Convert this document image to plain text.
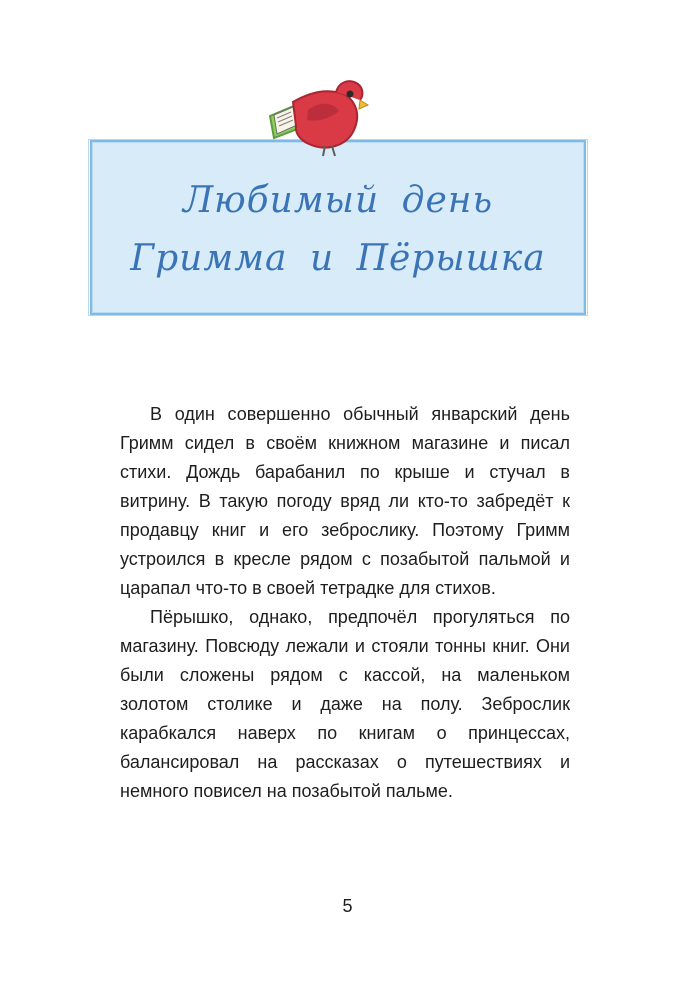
Любимый день
Гримма и Пёрышка

В один совершенно обычный январский день Гримм сидел в своём книжном магазине и писал стихи. Дождь барабанил по крыше и стучал в витрину. В такую погоду вряд ли кто-то забредёт к продавцу книг и его зеброслику. Поэтому Гримм устроился в кресле рядом с позабытой пальмой и царапал что-то в своей тетрадке для стихов.

Пёрышко, однако, предпочёл прогуляться по магазину. Повсюду лежали и стояли тонны книг. Они были сложены рядом с кассой, на маленьком золотом столике и даже на полу. Зеброслик карабкался наверх по книгам о принцессах, балансировал на рассказах о путешествиях и немного повисел на позабытой пальме.

5
